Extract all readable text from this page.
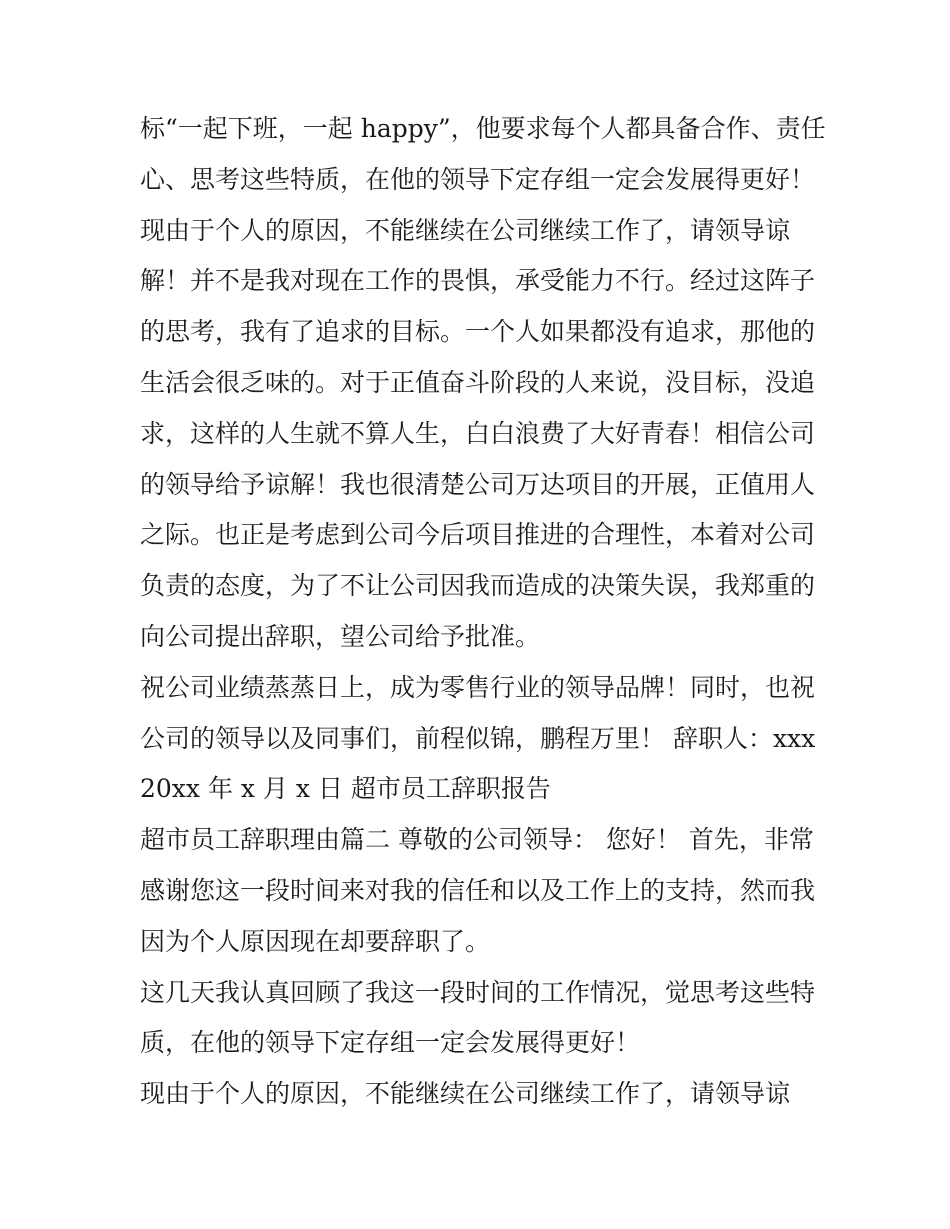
标“一起下班，一起 happy”，他要求每个人都具备合作、责任
心、思考这些特质，在他的领导下定存组一定会发展得更好！
现由于个人的原因，不能继续在公司继续工作了，请领导谅
解！并不是我对现在工作的畏惧，承受能力不行。经过这阵子
的思考，我有了追求的目标。一个人如果都没有追求，那他的
生活会很乏味的。对于正值奋斗阶段的人来说，没目标，没追
求，这样的人生就不算人生，白白浪费了大好青春！相信公司
的领导给予谅解！我也很清楚公司万达项目的开展，正值用人
之际。也正是考虑到公司今后项目推进的合理性，本着对公司
负责的态度，为了不让公司因我而造成的决策失误，我郑重的
向公司提出辞职，望公司给予批准。
祝公司业绩蒸蒸日上，成为零售行业的领导品牌！同时，也祝
公司的领导以及同事们，前程似锦，鹏程万里！ 辞职人：xxx
20xx 年 x 月 x 日 超市员工辞职报告
超市员工辞职理由篇二 尊敬的公司领导： 您好！ 首先，非常
感谢您这一段时间来对我的信任和以及工作上的支持，然而我
因为个人原因现在却要辞职了。
这几天我认真回顾了我这一段时间的工作情况，觉思考这些特
质，在他的领导下定存组一定会发展得更好！
现由于个人的原因，不能继续在公司继续工作了，请领导谅
